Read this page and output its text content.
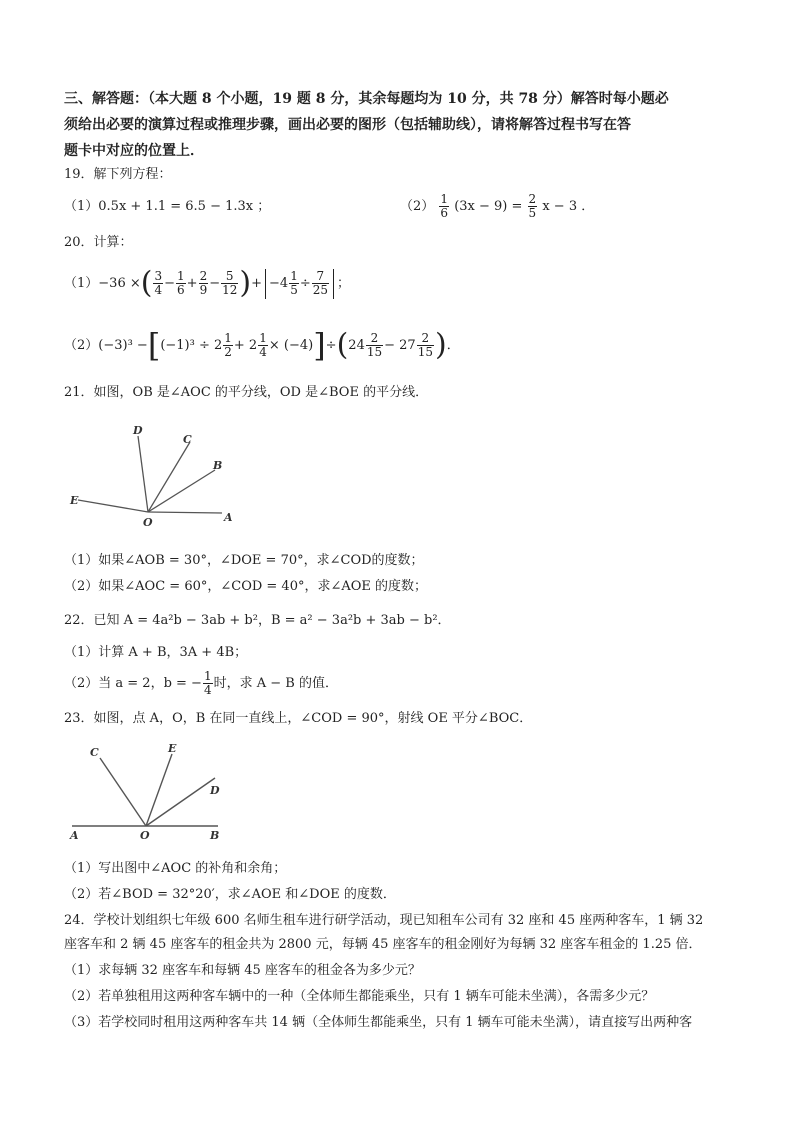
三、解答题：（本大题 8 个小题，19 题 8 分，其余每题均为 10 分，共 78 分）解答时每小题必
须给出必要的演算过程或推理步骤，画出必要的图形（包括辅助线），请将解答过程书写在答
题卡中对应的位置上．
19．解下列方程：
（1）0.5x + 1.1 = 6.5 − 1.3x ；	$(2) \frac{1}{6} (3x - 9) = \frac{2}{5}$ x − 3 ．
20．计算：
（1）−36 ×( $\frac{3}{4} - \frac{1}{6} + \frac{2}{9} - \frac{5}{12}$ )+ $-4 \frac{1}{5} \div \frac{7}{25}$ ；
$(2)(-3)^3 -[(-1)^3 \div 2 \frac{1}{2} + 2 \frac{1}{4} \times (-4)]\div(24 \frac{2}{15} - 27 \frac{2}{15}$ )．
21．如图，OB 是∠AOC 的平分线，OD 是∠BOE 的平分线．
D
C
B
E
O	A
（1）如果∠AOB = 30°，∠DOE = 70°，求∠COD的度数；
（2）如果∠AOC = 60°，∠COD = 40°，求∠AOE 的度数；
22．已知 A = 4a²b − 3ab + b²，B = a² − 3a²b + 3ab − b²．
（1）计算 A + B，3A + 4B；
（2）当 a = 2，b = − $\frac{1}{4}$ 时，求 A − B 的值．
23．如图，点 A，O，B 在同一直线上，∠COD = 90°，射线 OE 平分∠BOC．
C	E
D
A	O	B
（1）写出图中∠AOC 的补角和余角；
（2）若∠BOD = 32°20′，求∠AOE 和∠DOE 的度数．
24．学校计划组织七年级 600 名师生租车进行研学活动，现已知租车公司有 32 座和 45 座两种客车，1 辆 32
座客车和 2 辆 45 座客车的租金共为 2800 元，每辆 45 座客车的租金刚好为每辆 32 座客车租金的 1.25 倍．
（1）求每辆 32 座客车和每辆 45 座客车的租金各为多少元？
（2）若单独租用这两种客车辆中的一种（全体师生都能乘坐，只有 1 辆车可能未坐满），各需多少元？
（3）若学校同时租用这两种客车共 14 辆（全体师生都能乘坐，只有 1 辆车可能未坐满），请直接写出两种客
